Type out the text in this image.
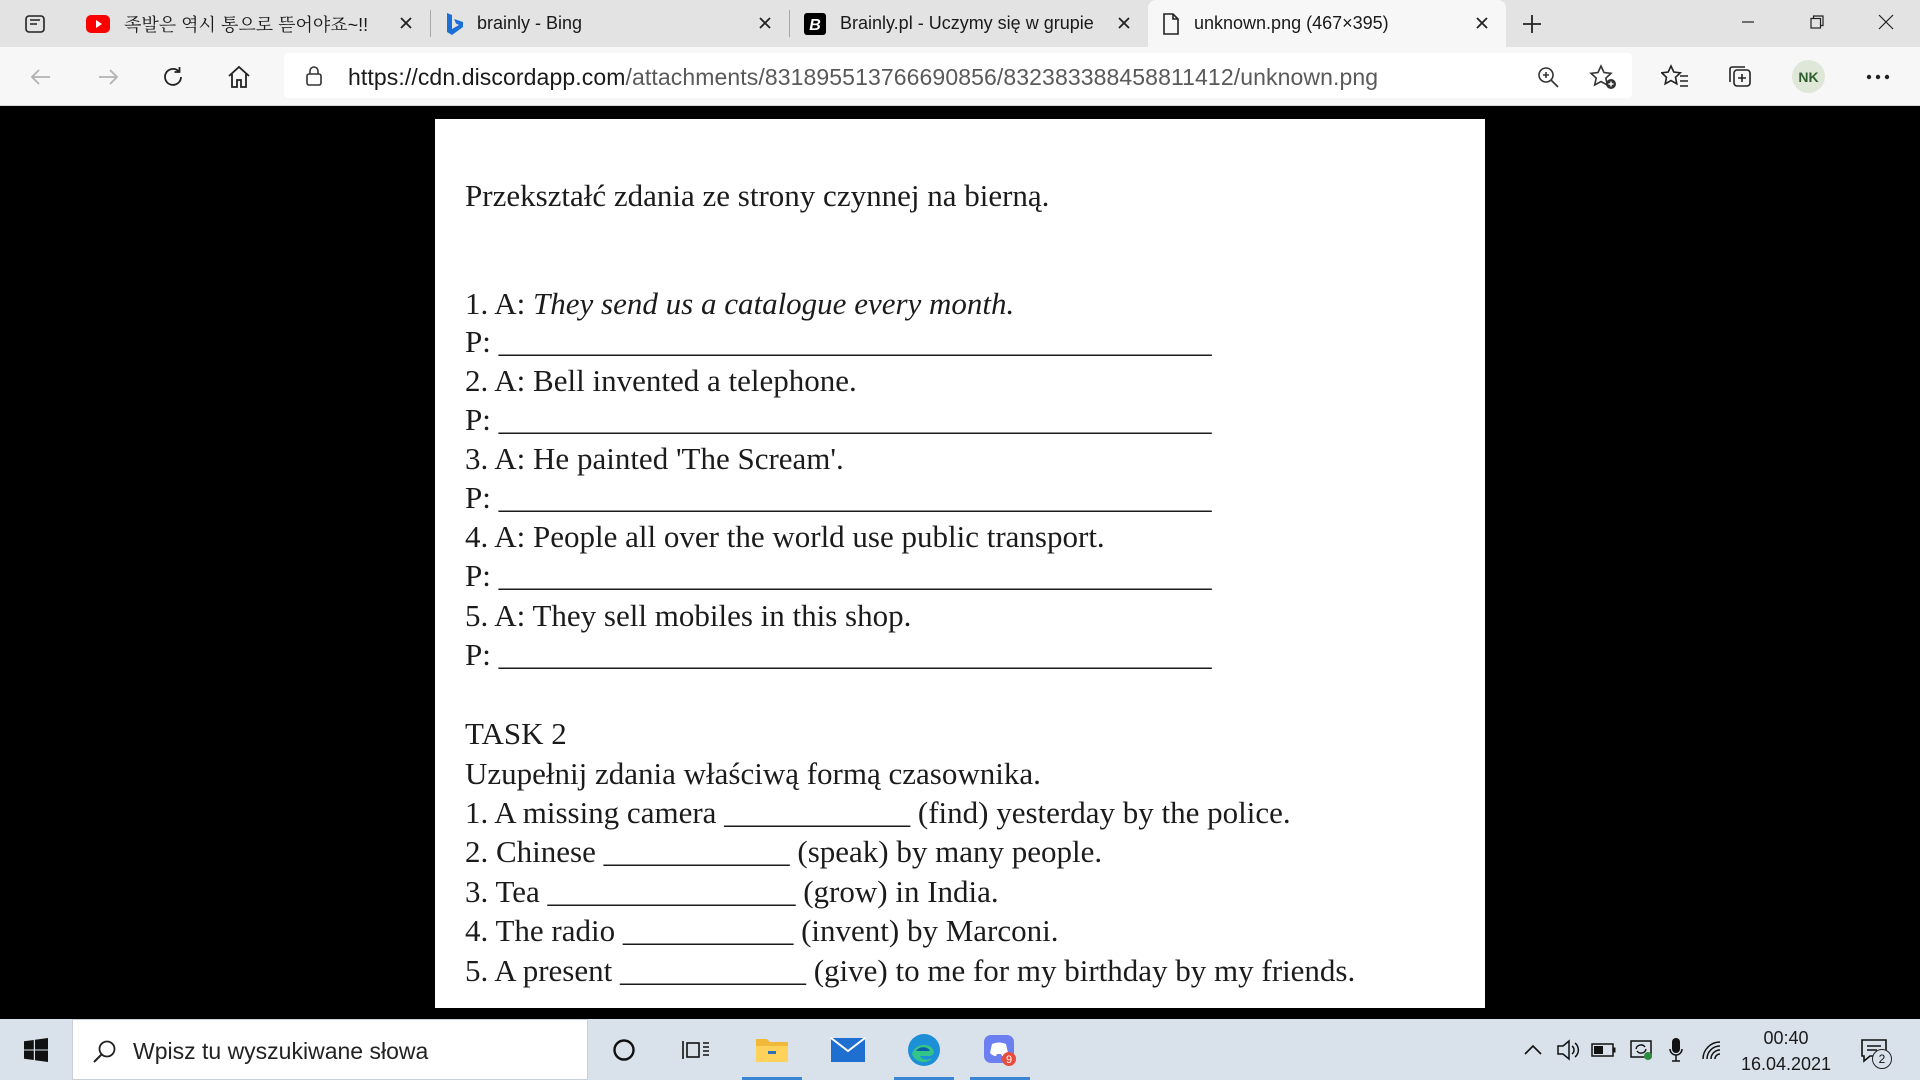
족발은 역시 통으로 뜯어야죠~!!	brainly - Bing	B Brainly.pl - Uczymy się w grupie	unknown.png (467×395)
https://cdn.discordapp.com/attachments/831895513766690856/832383388458811412/unknown.png	NK
Przekształć zdania ze strony czynnej na bierną.
1. A: They send us a catalogue every month.
P: ______________________________________________
2. A: Bell invented a telephone.
P: ______________________________________________
3. A: He painted 'The Scream'.
P: ______________________________________________
4. A: People all over the world use public transport.
P: ______________________________________________
5. A: They sell mobiles in this shop.
P: ______________________________________________
TASK 2
Uzupełnij zdania właściwą formą czasownika.
1. A missing camera ____________ (find) yesterday by the police.
2. Chinese ____________ (speak) by many people.
3. Tea ________________ (grow) in India.
4. The radio ___________ (invent) by Marconi.
5. A present ____________ (give) to me for my birthday by my friends.
Wpisz tu wyszukiwane słowa	9
00:40
16.04.2021	2
